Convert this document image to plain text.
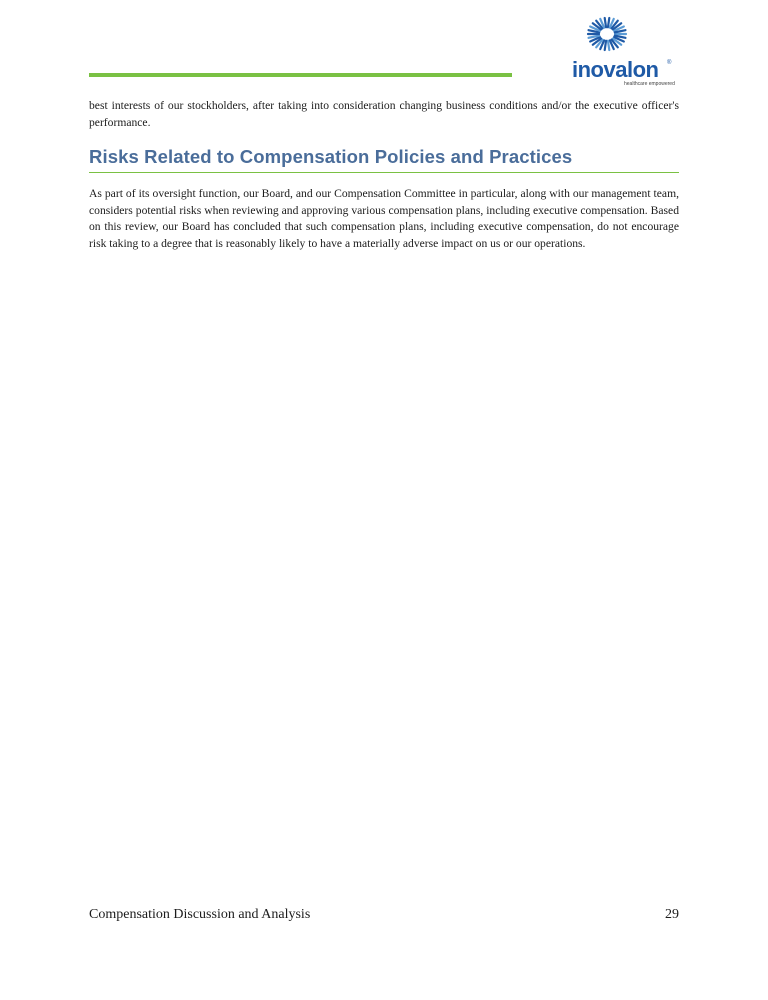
inovalon ®
healthcare empowered

best interests of our stockholders, after taking into consideration changing business conditions and/or the executive officer's performance.

Risks Related to Compensation Policies and Practices

As part of its oversight function, our Board, and our Compensation Committee in particular, along with our management team, considers potential risks when reviewing and approving various compensation plans, including executive compensation. Based on this review, our Board has concluded that such compensation plans, including executive compensation, do not encourage risk taking to a degree that is reasonably likely to have a materially adverse impact on us or our operations.

Compensation Discussion and Analysis	29
